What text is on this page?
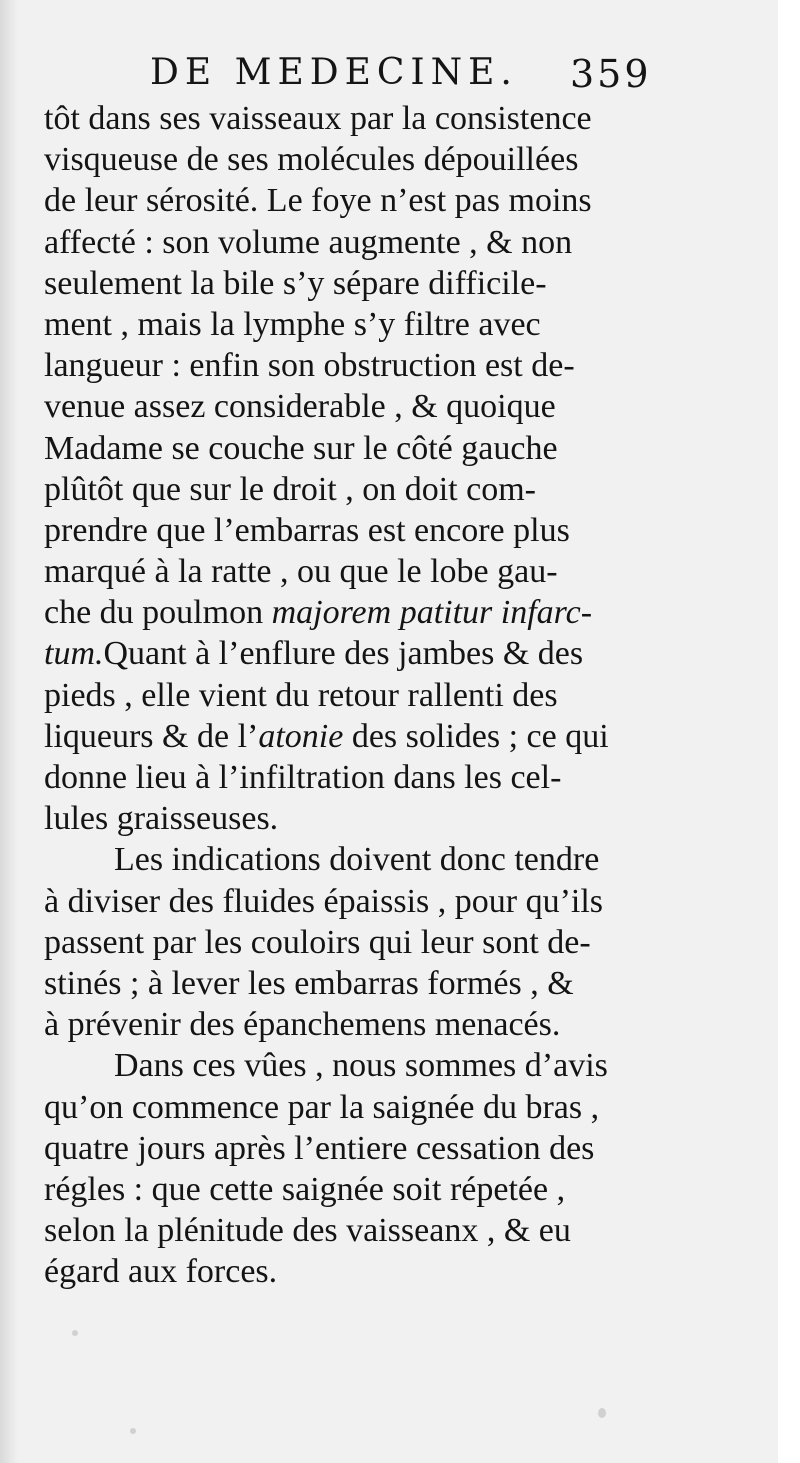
DE MEDECINE. 359
tôt dans ses vaisseaux par la consistence
visqueuse de ses molécules dépouillées
de leur sérosité. Le foye n’est pas moins
affecté : son volume augmente , & non
seulement la bile s’y sépare difficile-
ment , mais la lymphe s’y filtre avec
langueur : enfin son obstruction est de-
venue assez considerable , & quoique
Madame se couche sur le côté gauche
plûtôt que sur le droit , on doit com-
prendre que l’embarras est encore plus
marqué à la ratte , ou que le lobe gau-
che du poulmon majorem patitur infarc-
tum.Quant à l’enflure des jambes & des
pieds , elle vient du retour rallenti des
liqueurs & de l’atonie des solides ; ce qui
donne lieu à l’infiltration dans les cel-
lules graisseuses.
Les indications doivent donc tendre
à diviser des fluides épaissis , pour qu’ils
passent par les couloirs qui leur sont de-
stinés ; à lever les embarras formés , &
à prévenir des épanchemens menacés.
Dans ces vûes , nous sommes d’avis
qu’on commence par la saignée du bras ,
quatre jours après l’entiere cessation des
régles : que cette saignée soit répetée ,
selon la plénitude des vaisseanx , & eu
égard aux forces.
